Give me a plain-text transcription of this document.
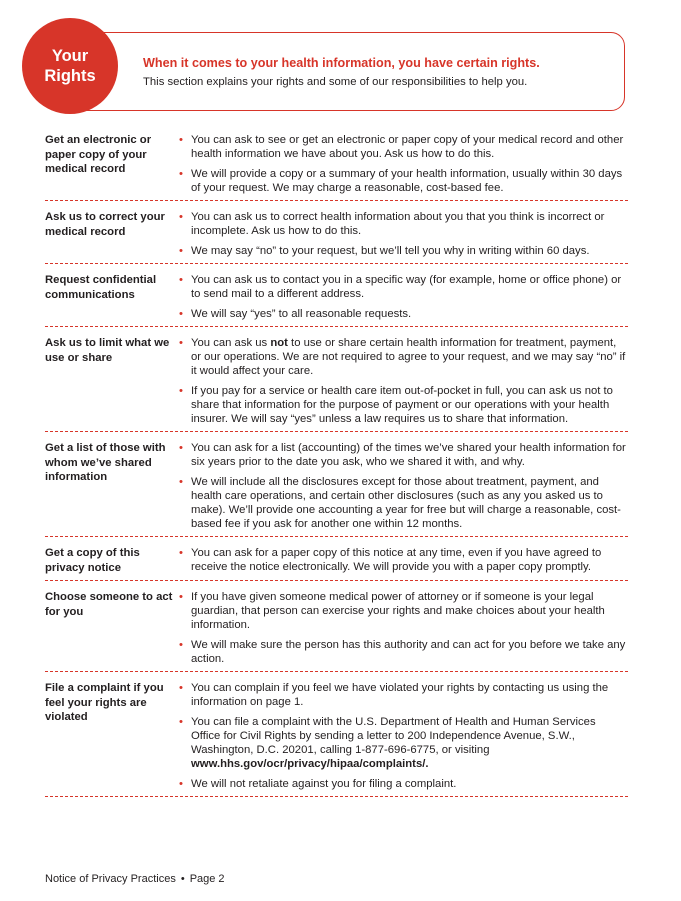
Your
Rights
When it comes to your health information, you have certain rights.
This section explains your rights and some of our responsibilities to help you.
Get an electronic or paper copy of your medical record
• You can ask to see or get an electronic or paper copy of your medical record and other health information we have about you. Ask us how to do this.
• We will provide a copy or a summary of your health information, usually within 30 days of your request. We may charge a reasonable, cost-based fee.
Ask us to correct your medical record
• You can ask us to correct health information about you that you think is incorrect or incomplete. Ask us how to do this.
• We may say “no” to your request, but we’ll tell you why in writing within 60 days.
Request confidential communications
• You can ask us to contact you in a specific way (for example, home or office phone) or to send mail to a different address.
• We will say “yes” to all reasonable requests.
Ask us to limit what we use or share
• You can ask us not to use or share certain health information for treatment, payment, or our operations. We are not required to agree to your request, and we may say “no” if it would affect your care.
• If you pay for a service or health care item out-of-pocket in full, you can ask us not to share that information for the purpose of payment or our operations with your health insurer. We will say “yes” unless a law requires us to share that information.
Get a list of those with whom we’ve shared information
• You can ask for a list (accounting) of the times we’ve shared your health information for six years prior to the date you ask, who we shared it with, and why.
• We will include all the disclosures except for those about treatment, payment, and health care operations, and certain other disclosures (such as any you asked us to make). We’ll provide one accounting a year for free but will charge a reasonable, cost-based fee if you ask for another one within 12 months.
Get a copy of this privacy notice
• You can ask for a paper copy of this notice at any time, even if you have agreed to receive the notice electronically. We will provide you with a paper copy promptly.
Choose someone to act for you
• If you have given someone medical power of attorney or if someone is your legal guardian, that person can exercise your rights and make choices about your health information.
• We will make sure the person has this authority and can act for you before we take any action.
File a complaint if you feel your rights are violated
• You can complain if you feel we have violated your rights by contacting us using the information on page 1.
• You can file a complaint with the U.S. Department of Health and Human Services Office for Civil Rights by sending a letter to 200 Independence Avenue, S.W., Washington, D.C. 20201, calling 1-877-696-6775, or visiting www.hhs.gov/ocr/privacy/hipaa/complaints/.
• We will not retaliate against you for filing a complaint.
Notice of Privacy Practices • Page 2
